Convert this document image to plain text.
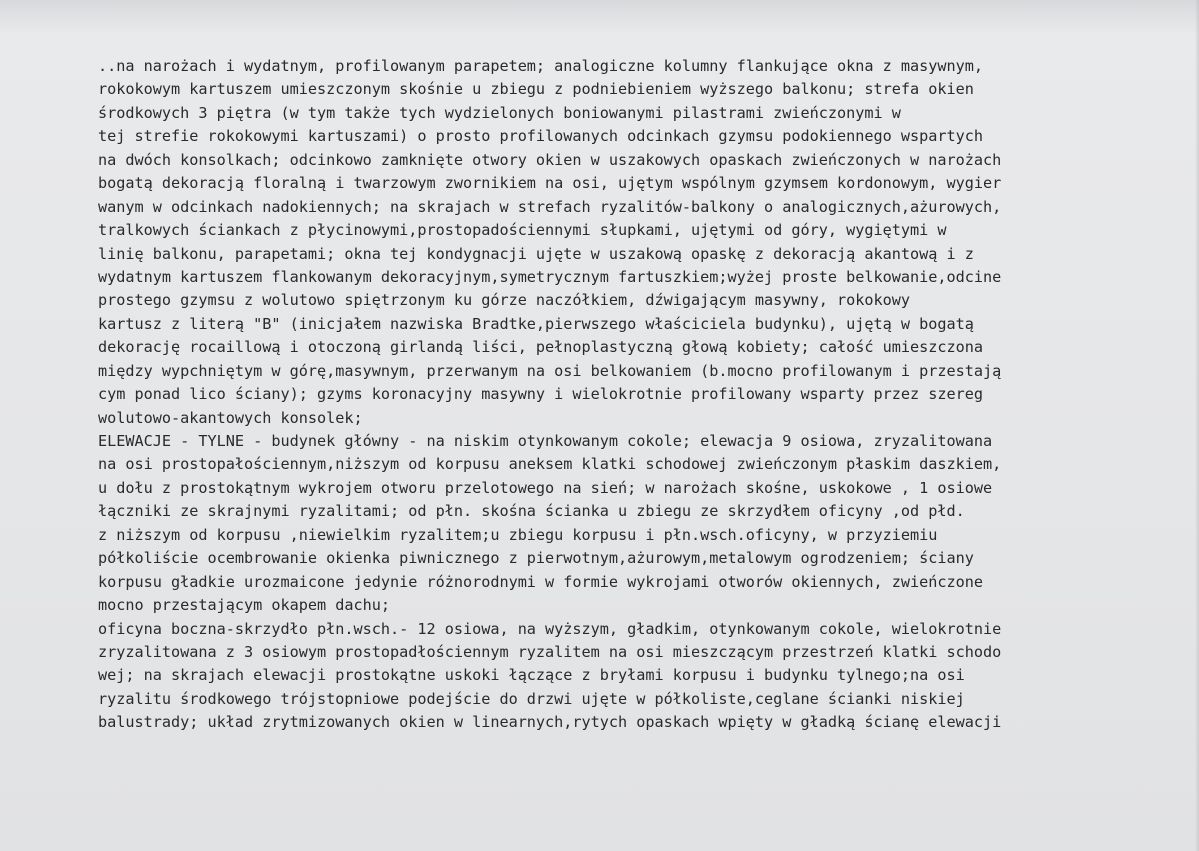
..na narożach i wydatnym, profilowanym parapetem; analogiczne kolumny flankujące okna z masywnym,
rokokowym kartuszem umieszczonym skośnie u zbiegu z podniebieniem wyższego balkonu; strefa okien
środkowych 3 piętra (w tym także tych wydzielonych boniowanymi pilastrami zwieńczonymi w
tej strefie rokokowymi kartuszami) o prosto profilowanych odcinkach gzymsu podokiennego wspartych
na dwóch konsolkach; odcinkowo zamknięte otwory okien w uszakowych opaskach zwieńczonych w narożach
bogatą dekoracją floralną i twarzowym zwornikiem na osi, ujętym wspólnym gzymsem kordonowym, wygier
wanym w odcinkach nadokiennych; na skrajach w strefach ryzalitów-balkony o analogicznych,ażurowych,
tralkowych ściankach z płycinowymi,prostopadościennymi słupkami, ujętymi od góry, wygiętymi w
linię balkonu, parapetami; okna tej kondygnacji ujęte w uszakową opaskę z dekoracją akantową i z
wydatnym kartuszem flankowanym dekoracyjnym,symetrycznym fartuszkiem;wyżej proste belkowanie,odcine
prostego gzymsu z wolutowo spiętrzonym ku górze naczółkiem, dźwigającym masywny, rokokowy
kartusz z literą "B" (inicjałem nazwiska Bradtke,pierwszego właściciela budynku), ujętą w bogatą
dekorację rocaillową i otoczoną girlandą liści, pełnoplastyczną głową kobiety; całość umieszczona
między wypchniętym w górę,masywnym, przerwanym na osi belkowaniem (b.mocno profilowanym i przestają
cym ponad lico ściany); gzyms koronacyjny masywny i wielokrotnie profilowany wsparty przez szereg
wolutowo-akantowych konsolek;
ELEWACJE - TYLNE - budynek główny - na niskim otynkowanym cokole; elewacja 9 osiowa, zryzalitowana
na osi prostopałościennym,niższym od korpusu aneksem klatki schodowej zwieńczonym płaskim daszkiem,
u dołu z prostokątnym wykrojem otworu przelotowego na sień; w narożach skośne, uskokowe , 1 osiowe
łączniki ze skrajnymi ryzalitami; od płn. skośna ścianka u zbiegu ze skrzydłem oficyny ,od płd.
z niższym od korpusu ,niewielkim ryzalitem;u zbiegu korpusu i płn.wsch.oficyny, w przyziemiu
półkoliście ocembrowanie okienka piwnicznego z pierwotnym,ażurowym,metalowym ogrodzeniem; ściany
korpusu gładkie urozmaicone jedynie różnorodnymi w formie wykrojami otworów okiennych, zwieńczone
mocno przestającym okapem dachu;
oficyna boczna-skrzydło płn.wsch.- 12 osiowa, na wyższym, gładkim, otynkowanym cokole, wielokrotnie
zryzalitowana z 3 osiowym prostopadłościennym ryzalitem na osi mieszczącym przestrzeń klatki schodo
wej; na skrajach elewacji prostokątne uskoki łączące z bryłami korpusu i budynku tylnego;na osi
ryzalitu środkowego trójstopniowe podejście do drzwi ujęte w półkoliste,ceglane ścianki niskiej
balustrady; układ zrytmizowanych okien w linearnych,rytych opaskach wpięty w gładką ścianę elewacji
